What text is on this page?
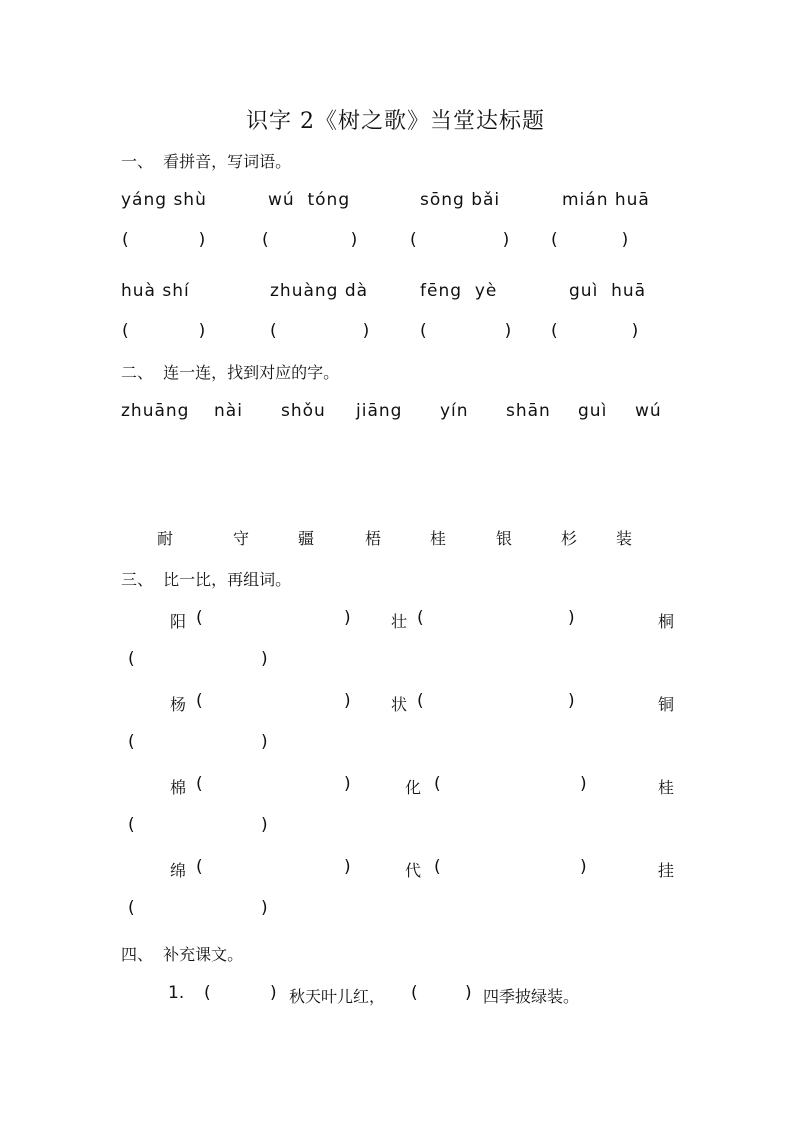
识字 2《树之歌》当堂达标题
一、  看拼音，写词语。
yáng shù	wú  tóng	sōng bǎi	mián huā
(	)	(	)	(	) (	)
huà shí	zhuàng dà	fēng  yè	guì  huā
(	)	(	)	(	) (	)
二、  连一连，找到对应的字。
zhuāng nài shǒu jiāng yín shān guì wú
耐	守	疆	梧	桂	银	杉 装
三、  比一比，再组词。
阳 (	)	壮 (	)	桐
(	)
杨 (	)	状 (	)	铜
(	)
棉 (	)	化 (	)	桂
(	)
绵 (	)	代 (	)	挂
(	)
四、  补充课文。
1. (	) 秋天叶儿红， (	) 四季披绿装。
